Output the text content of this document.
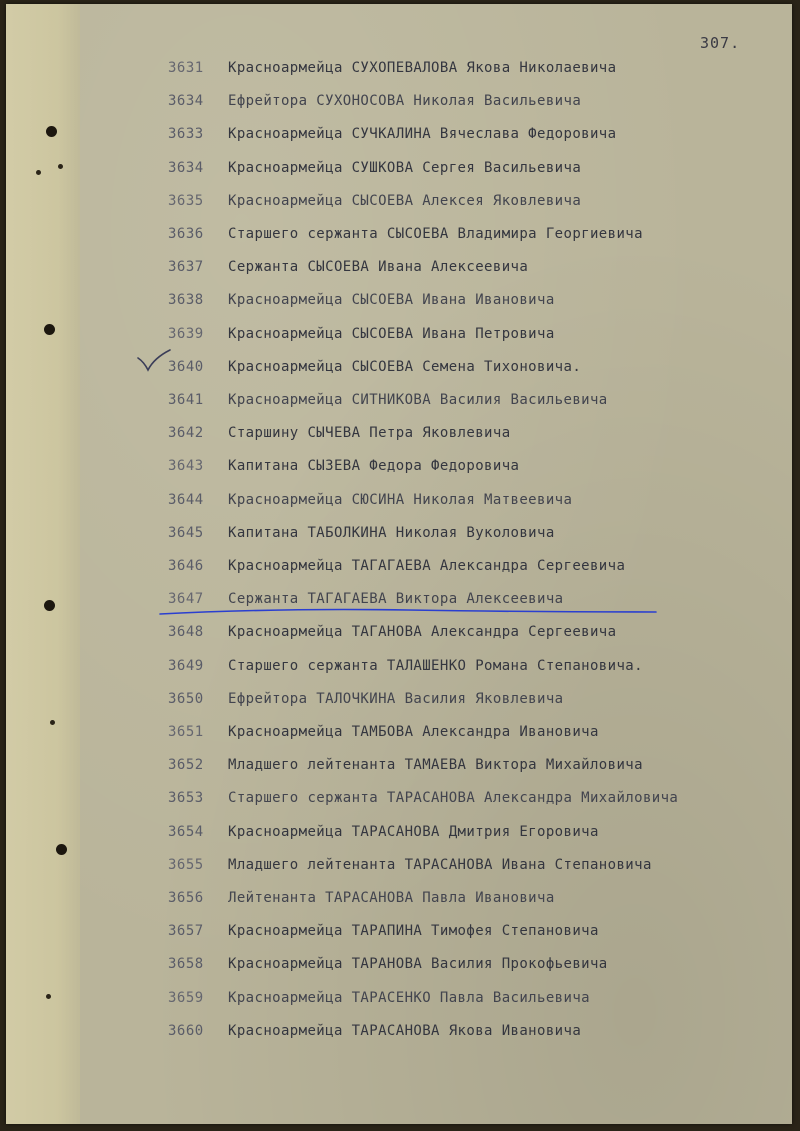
307.
3631	Красноармейца СУХОПЕВАЛОВА Якова Николаевича
3634	Ефрейтора СУХОНОСОВА Николая Васильевича
3633	Красноармейца СУЧКАЛИНА Вячеслава Федоровича
3634	Красноармейца СУШКОВА Сергея Васильевича
3635	Красноармейца СЫСОЕВА Алексея Яковлевича
3636	Старшего сержанта СЫСОЕВА Владимира Георгиевича
3637	Сержанта СЫСОЕВА Ивана Алексеевича
3638	Красноармейца СЫСОЕВА Ивана Ивановича
3639	Красноармейца СЫСОЕВА Ивана Петровича
3640	Красноармейца СЫСОЕВА Семена Тихоновича.
3641	Красноармейца СИТНИКОВА Василия Васильевича
3642	Старшину СЫЧЕВА Петра Яковлевича
3643	Капитана СЫЗЕВА Федора Федоровича
3644	Красноармейца СЮСИНА Николая Матвеевича
3645	Капитана ТАБОЛКИНА Николая Вуколовича
3646	Красноармейца ТАГАГАЕВА Александра Сергеевича
3647	Сержанта ТАГАГАЕВА Виктора Алексеевича
3648	Красноармейца ТАГАНОВА Александра Сергеевича
3649	Старшего сержанта ТАЛАШЕНКО Романа Степановича.
3650	Ефрейтора ТАЛОЧКИНА Василия Яковлевича
3651	Красноармейца ТАМБОВА Александра Ивановича
3652	Младшего лейтенанта ТАМАЕВА Виктора Михайловича
3653	Старшего сержанта ТАРАСАНОВА Александра Михайловича
3654	Красноармейца ТАРАСАНОВА Дмитрия Егоровича
3655	Младшего лейтенанта ТАРАСАНОВА Ивана Степановича
3656	Лейтенанта ТАРАСАНОВА Павла Ивановича
3657	Красноармейца ТАРАПИНА Тимофея Степановича
3658	Красноармейца ТАРАНОВА Василия Прокофьевича
3659	Красноармейца ТАРАСЕНКО Павла Васильевича
3660	Красноармейца ТАРАСАНОВА Якова Ивановича
